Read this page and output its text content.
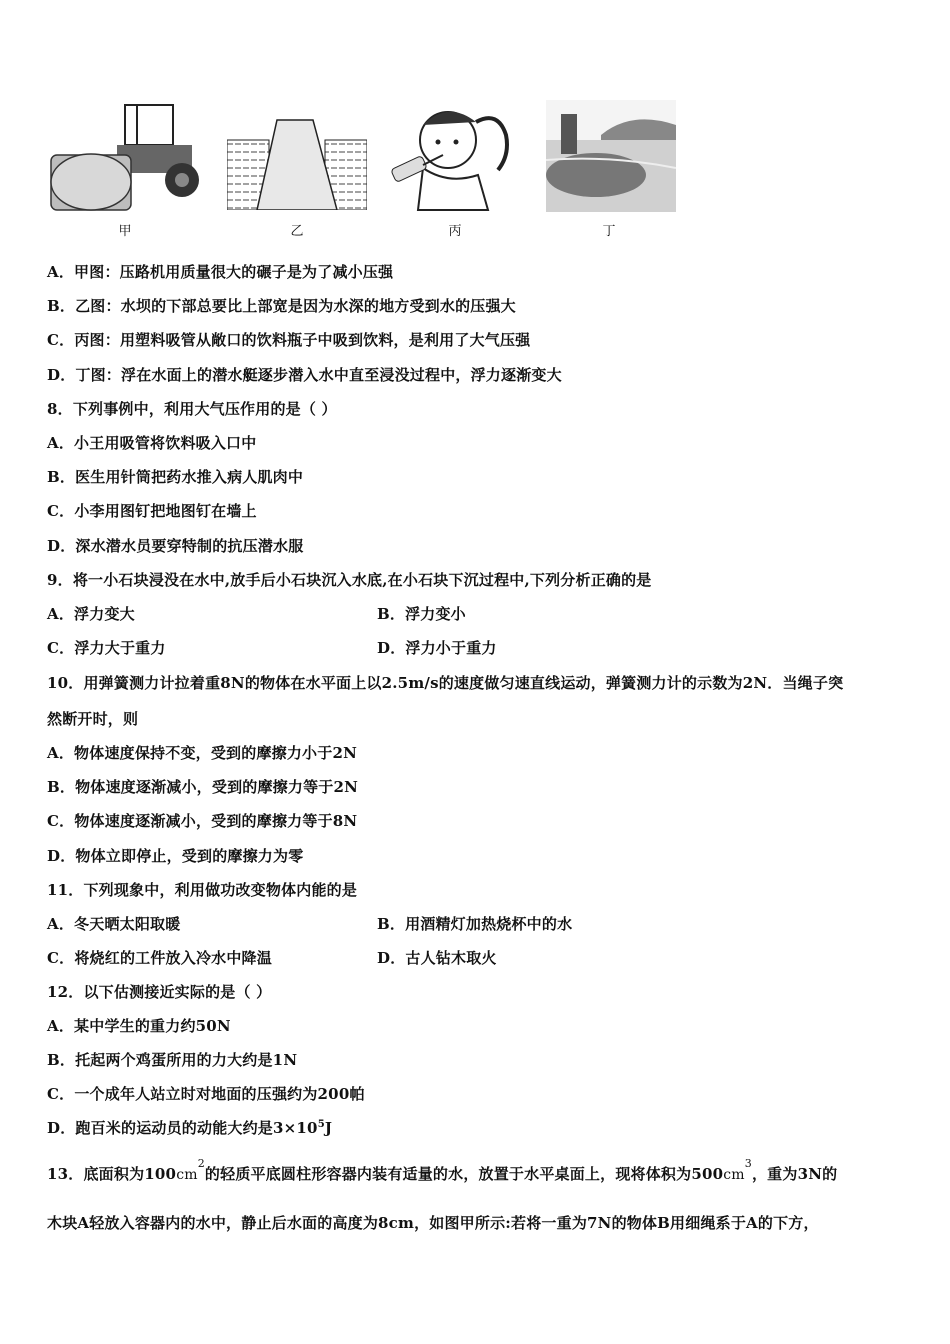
甲	乙	丙	丁
A．甲图：压路机用质量很大的碾子是为了减小压强
B．乙图：水坝的下部总要比上部宽是因为水深的地方受到水的压强大
C．丙图：用塑料吸管从敞口的饮料瓶子中吸到饮料，是利用了大气压强
D．丁图：浮在水面上的潜水艇逐步潜入水中直至浸没过程中，浮力逐渐变大
8．下列事例中，利用大气压作用的是（ ）
A．小王用吸管将饮料吸入口中
B．医生用针筒把药水推入病人肌肉中
C．小李用图钉把地图钉在墙上
D．深水潜水员要穿特制的抗压潜水服
9．将一小石块浸没在水中,放手后小石块沉入水底,在小石块下沉过程中,下列分析正确的是
A．浮力变大	B．浮力变小
C．浮力大于重力	D．浮力小于重力
10．用弹簧测力计拉着重8N的物体在水平面上以2.5m/s的速度做匀速直线运动，弹簧测力计的示数为2N．当绳子突
然断开时，则
A．物体速度保持不变，受到的摩擦力小于2N
B．物体速度逐渐减小，受到的摩擦力等于2N
C．物体速度逐渐减小，受到的摩擦力等于8N
D．物体立即停止，受到的摩擦力为零
11．下列现象中，利用做功改变物体内能的是
A．冬天晒太阳取暖	B．用酒精灯加热烧杯中的水
C．将烧红的工件放入冷水中降温	D．古人钻木取火
12．以下估测接近实际的是（ ）
A．某中学生的重力约50N
B．托起两个鸡蛋所用的力大约是1N
C．一个成年人站立时对地面的压强约为200帕
D．跑百米的运动员的动能大约是$3\times 10^5J$
13．底面积为$100cm^2$的轻质平底圆柱形容器内装有适量的水，放置于水平桌面上，现将体积为$500cm^3$，重为3N的
木块A轻放入容器内的水中，静止后水面的高度为8cm，如图甲所示:若将一重为7N的物体B用细绳系于A的下方，
